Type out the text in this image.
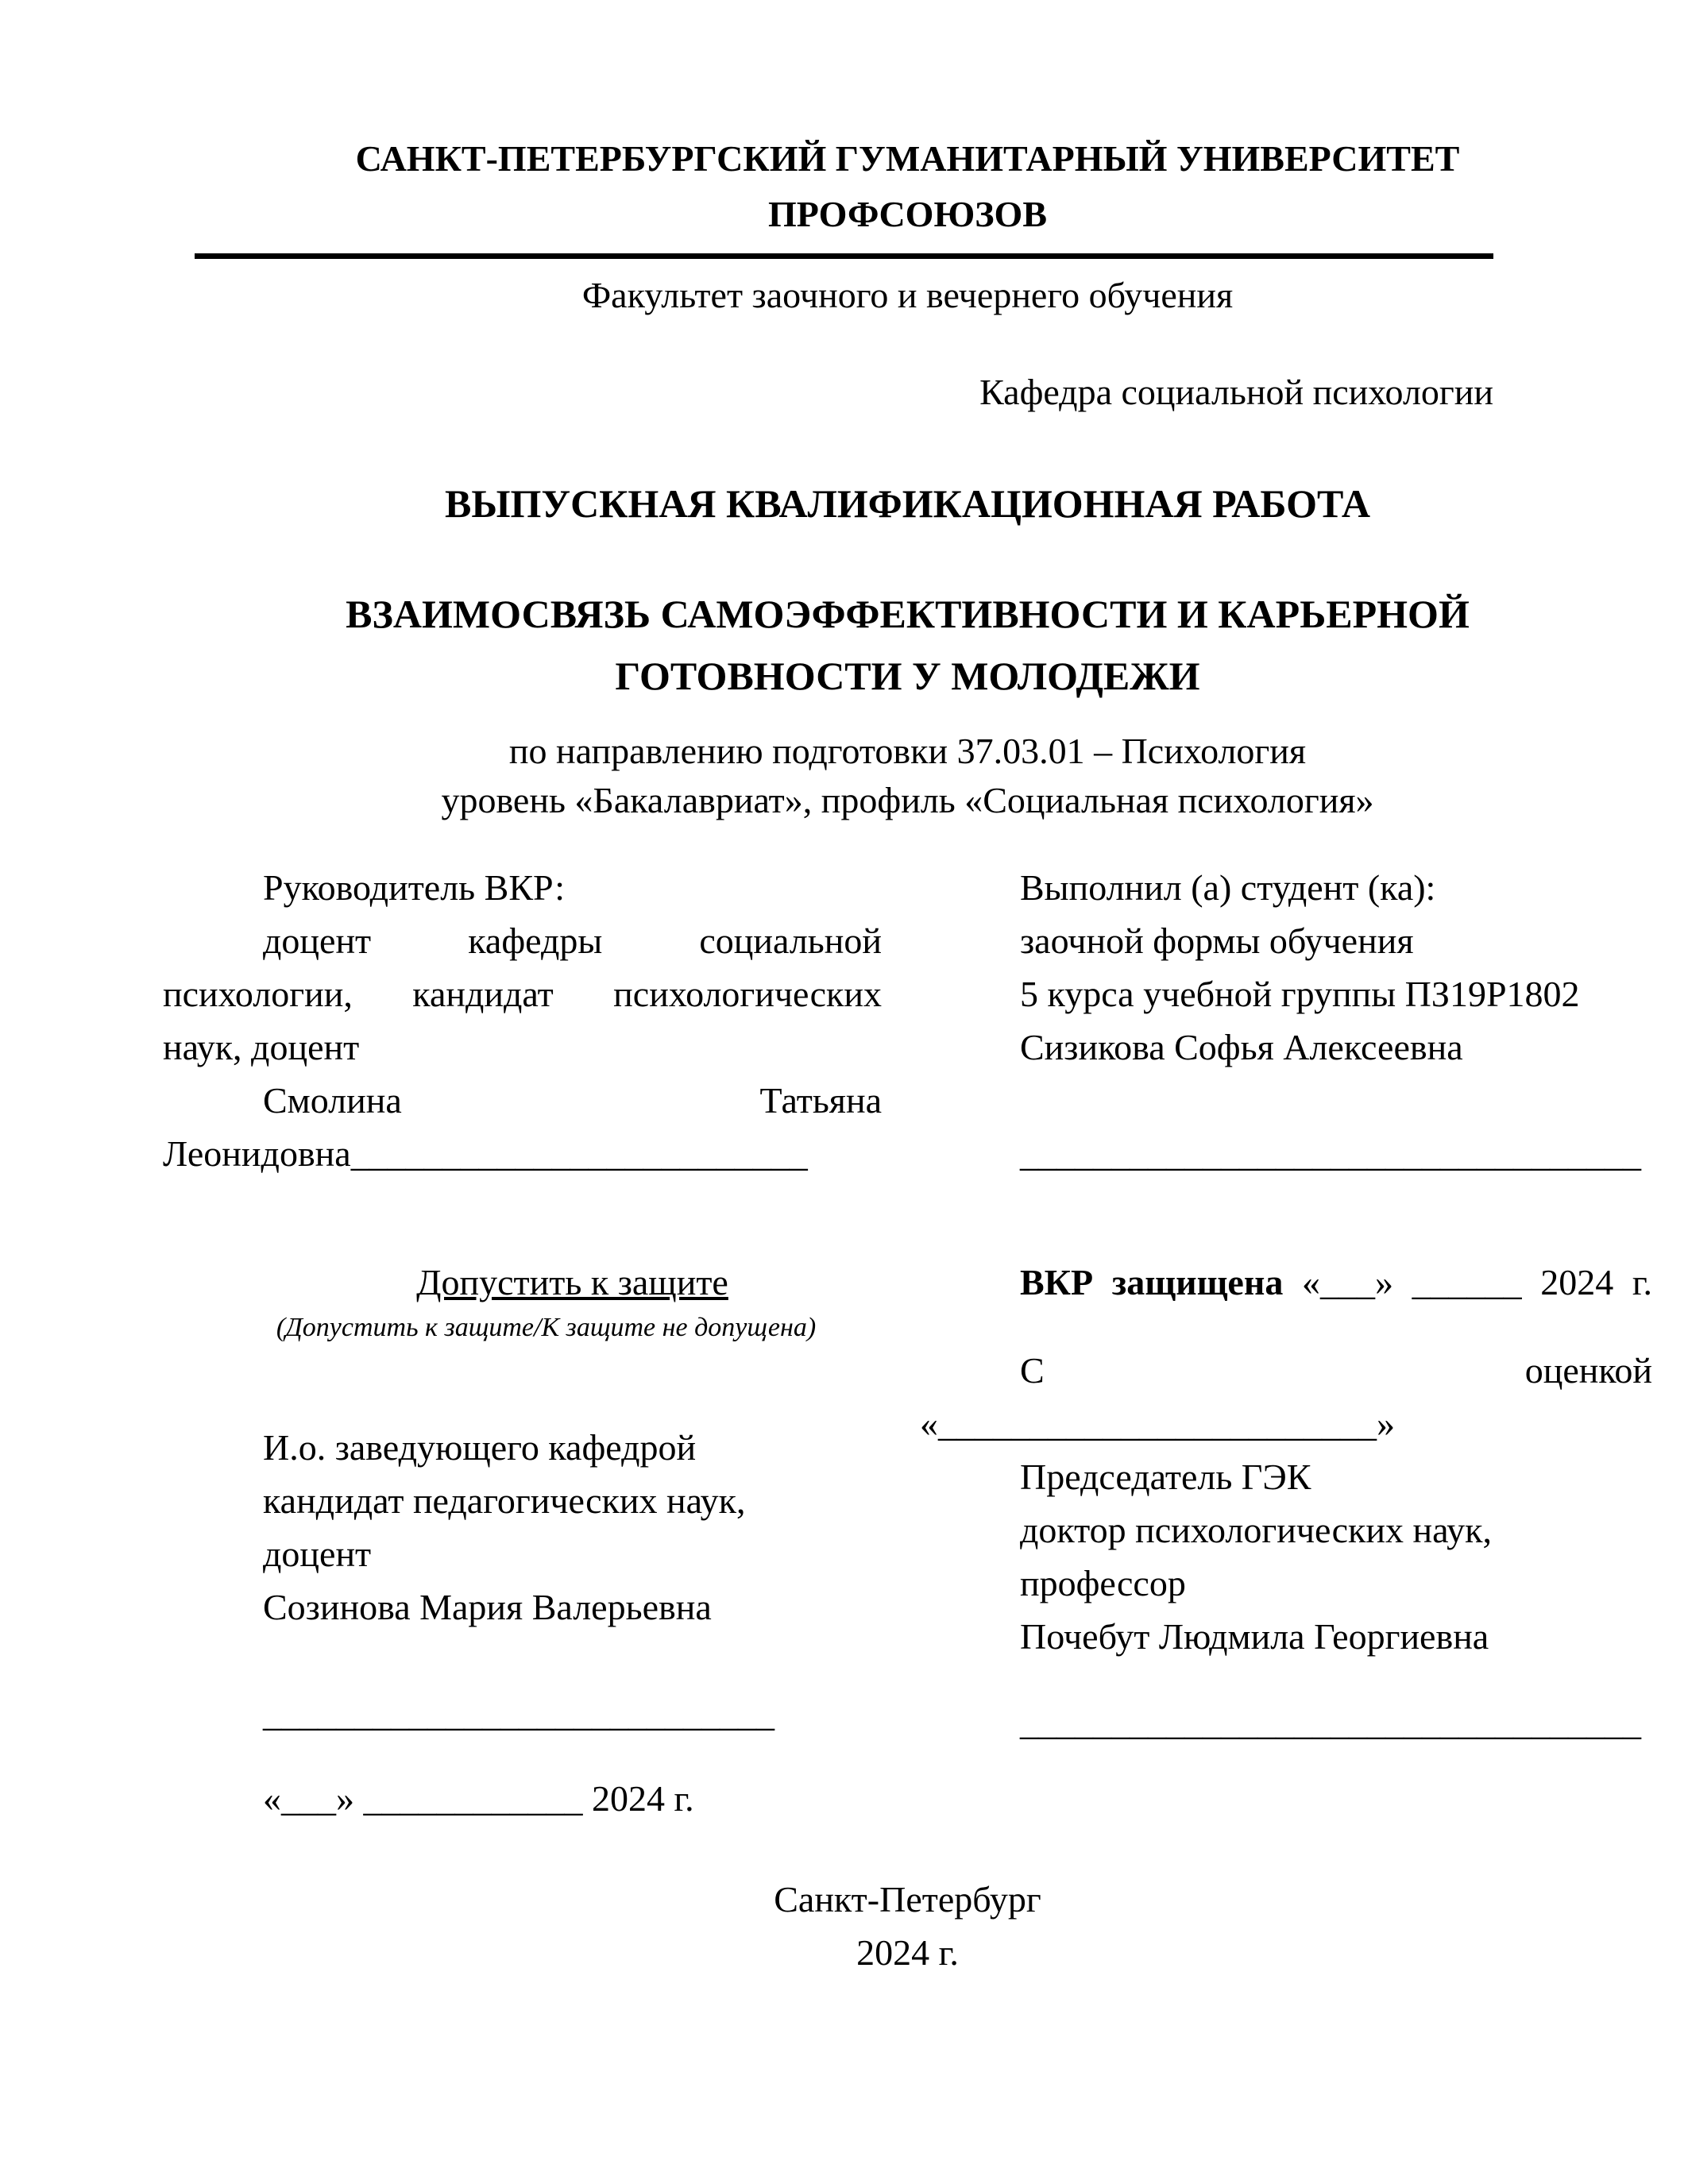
САНКТ-ПЕТЕРБУРГСКИЙ ГУМАНИТАРНЫЙ УНИВЕРСИТЕТ
ПРОФСОЮЗОВ
Факультет заочного и вечернего обучения
Кафедра социальной психологии
ВЫПУСКНАЯ КВАЛИФИКАЦИОННАЯ РАБОТА
ВЗАИМОСВЯЗЬ САМОЭФФЕКТИВНОСТИ И КАРЬЕРНОЙ
ГОТОВНОСТИ У МОЛОДЕЖИ
по направлению подготовки 37.03.01 – Психология
уровень «Бакалавриат», профиль «Социальная психология»
Руководитель ВКР:
доцент кафедры социальной
психологии, кандидат психологических
наук, доцент
Смолина Татьяна
Леонидовна_________________________
Выполнил (а) студент (ка):
заочной формы обучения
5 курса учебной группы ПЗ19Р1802
Сизикова Софья Алексеевна
__________________________________
Допустить к защите
(Допустить к защите/К защите не допущена)
И.о. заведующего кафедрой
кандидат педагогических наук,
доцент
Созинова Мария Валерьевна
____________________________
«___» ____________ 2024 г.
ВКР защищена «___» ______ 2024 г.
С оценкой
«________________________»
Председатель ГЭК
доктор психологических наук,
профессор
Почебут Людмила Георгиевна
__________________________________
Санкт-Петербург
2024 г.
